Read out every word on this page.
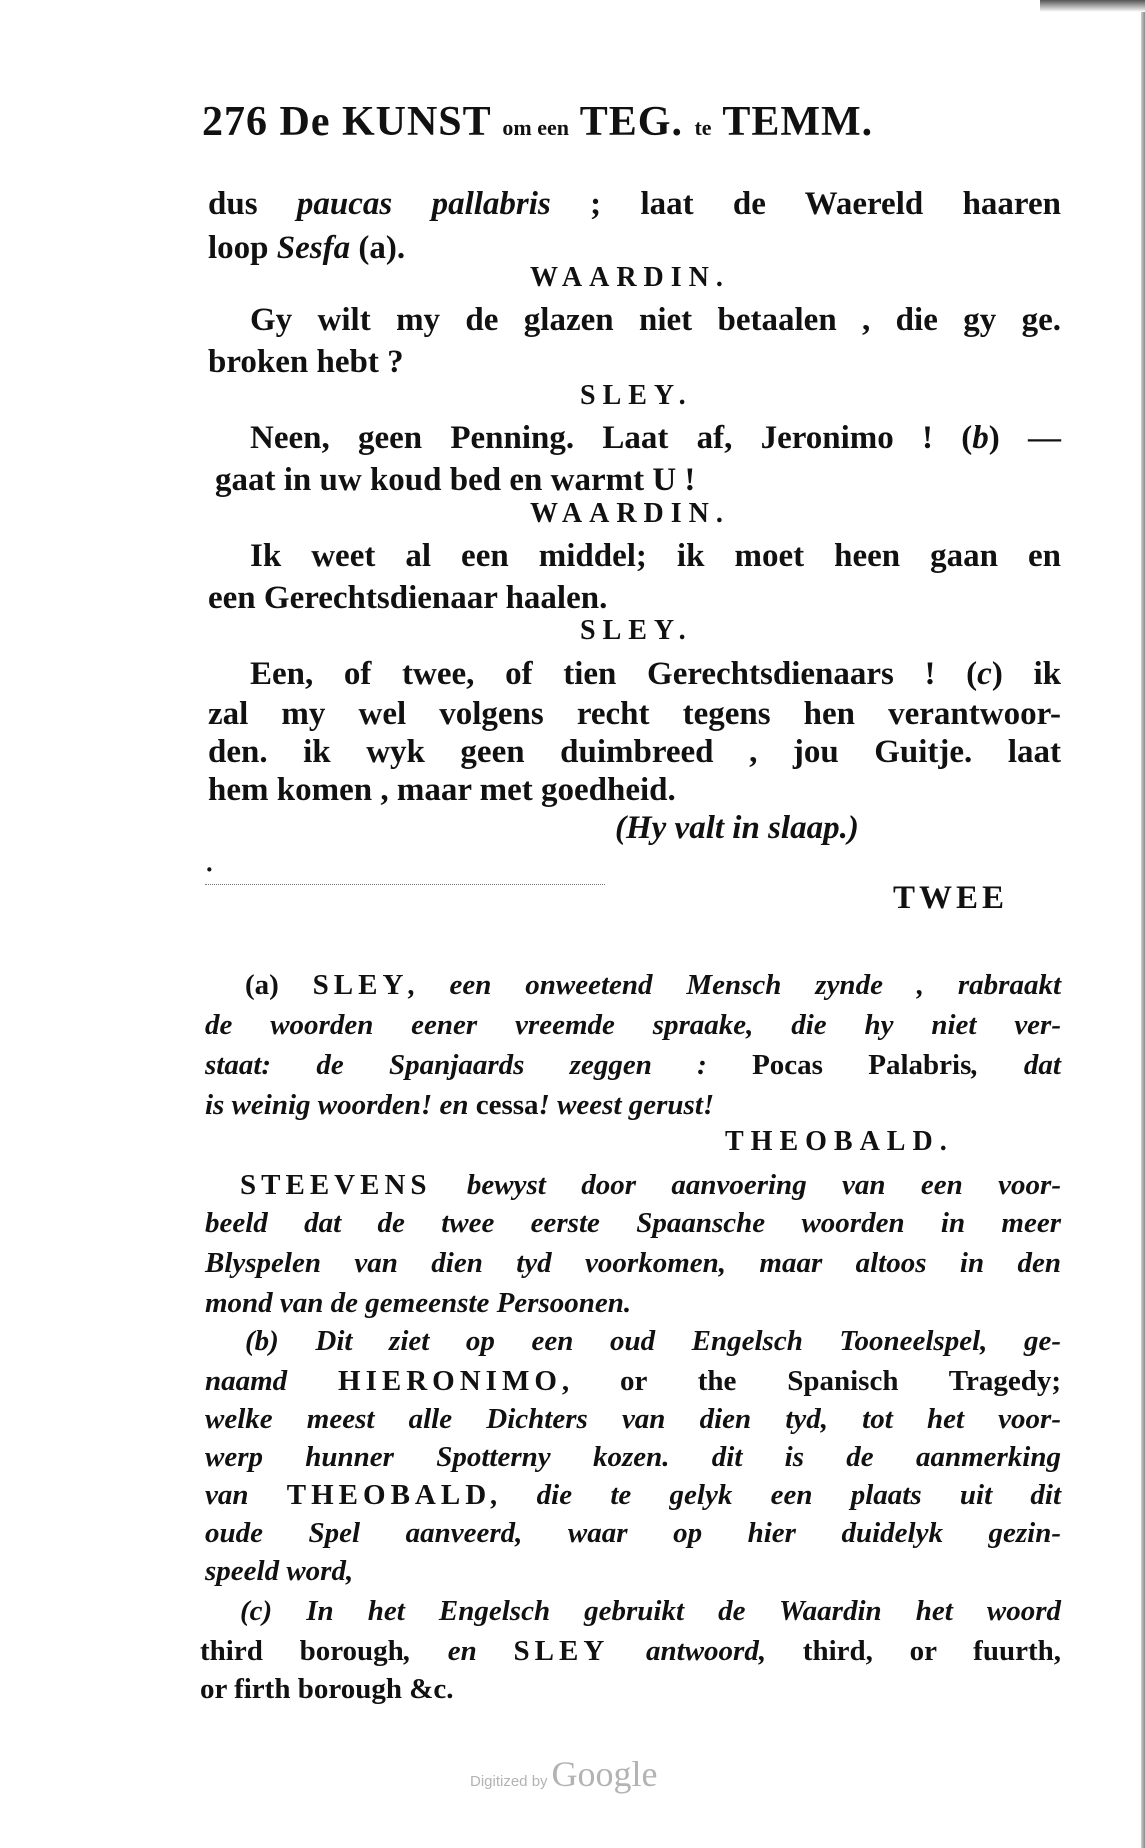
276 De KUNST om een TEG. te TEMM.
dus paucas pallabris ; laat de Waereld haaren
loop Sesfa (a).
WAARDIN.
Gy wilt my de glazen niet betaalen , die gy ge.
broken hebt ?
SLEY.
Neen, geen Penning. Laat af, Jeronimo ! (b) —
gaat in uw koud bed en warmt U !
WAARDIN.
Ik weet al een middel; ik moet heen gaan en
een Gerechtsdienaar haalen.
SLEY.
Een, of twee, of tien Gerechtsdienaars ! (c) ik
zal my wel volgens recht tegens hen verantwoor-
den. ik wyk geen duimbreed , jou Guitje. laat
hem komen , maar met goedheid.
(Hy valt in slaap.)
·
TWEE
(a) SLEY, een onweetend Mensch zynde , rabraakt
de woorden eener vreemde spraake, die hy niet ver-
staat: de Spanjaards zeggen : Pocas Palabris, dat
is weinig woorden! en cessa! weest gerust!
THEOBALD.
STEEVENS bewyst door aanvoering van een voor-
beeld dat de twee eerste Spaansche woorden in meer
Blyspelen van dien tyd voorkomen, maar altoos in den
mond van de gemeenste Persoonen.
(b) Dit ziet op een oud Engelsch Tooneelspel, ge-
naamd HIERONIMO, or the Spanisch Tragedy;
welke meest alle Dichters van dien tyd, tot het voor-
werp hunner Spotterny kozen. dit is de aanmerking
van THEOBALD, die te gelyk een plaats uit dit
oude Spel aanveerd, waar op hier duidelyk gezin-
speeld word,
(c) In het Engelsch gebruikt de Waardin het woord
third borough, en SLEY antwoord, third, or fuurth,
or firth borough &c.
Digitized by Google
